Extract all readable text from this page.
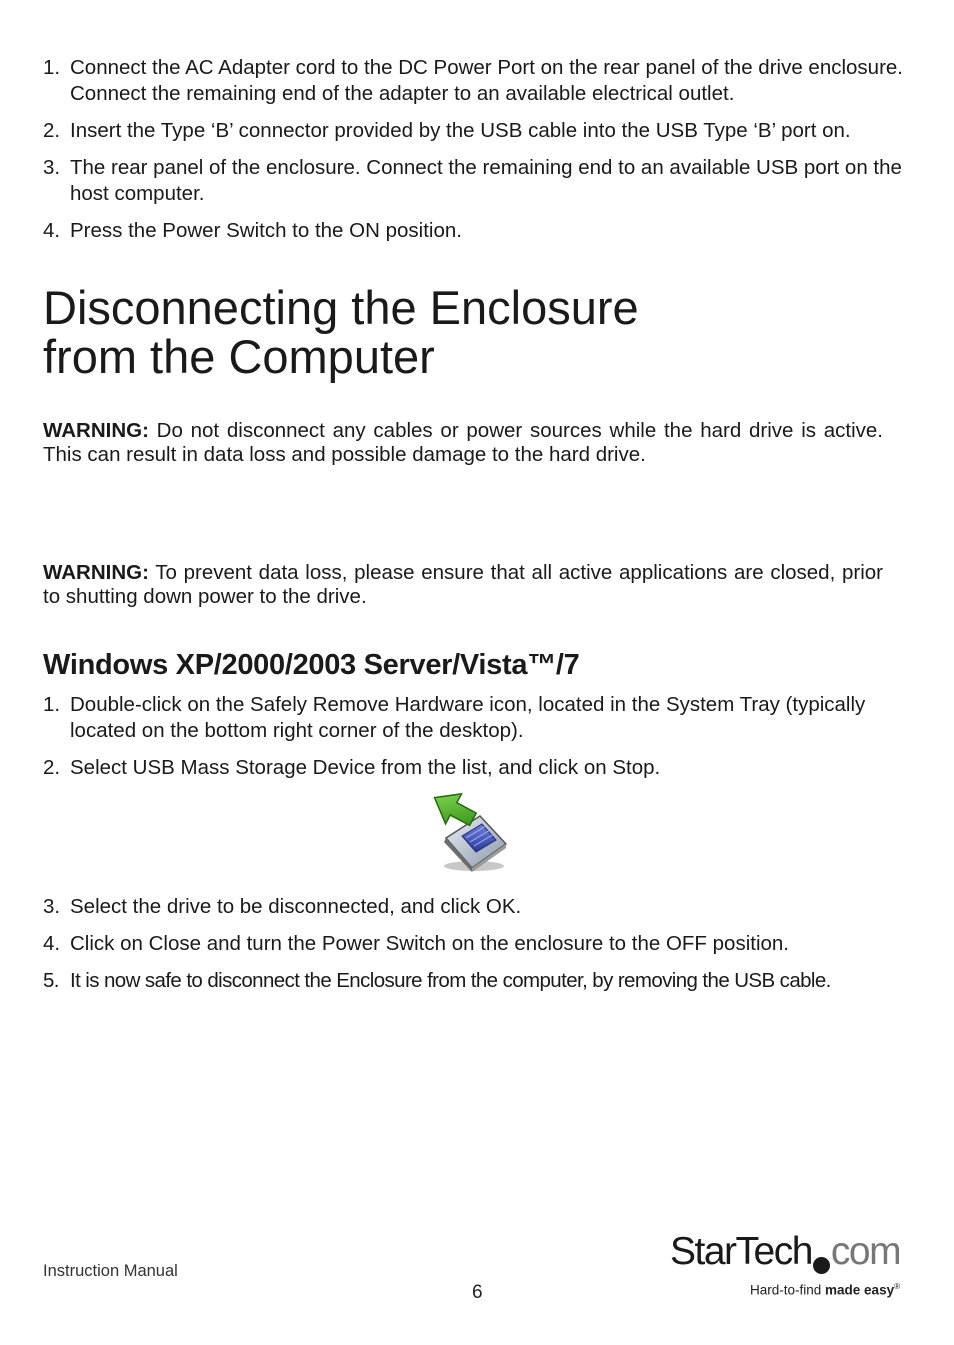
1. Connect the AC Adapter cord to the DC Power Port on the rear panel of the drive enclosure. Connect the remaining end of the adapter to an available electrical outlet.
2. Insert the Type ‘B’ connector provided by the USB cable into the USB Type ‘B’ port on.
3. The rear panel of the enclosure. Connect the remaining end to an available USB port on the host computer.
4. Press the Power Switch to the ON position.
Disconnecting the Enclosure
from the Computer

WARNING: Do not disconnect any cables or power sources while the hard drive is active. This can result in data loss and possible damage to the hard drive.

WARNING: To prevent data loss, please ensure that all active applications are closed, prior to shutting down power to the drive.

Windows XP/2000/2003 Server/Vista™/7
1. Double-click on the Safely Remove Hardware icon, located in the System Tray (typically located on the bottom right corner of the desktop).
2. Select USB Mass Storage Device from the list, and click on Stop.
3. Select the drive to be disconnected, and click OK.
4. Click on Close and turn the Power Switch on the enclosure to the OFF position.
5. It is now safe to disconnect the Enclosure from the computer, by removing the USB cable.
Instruction Manual
6
StarTech com
Hard-to-find made easy®
